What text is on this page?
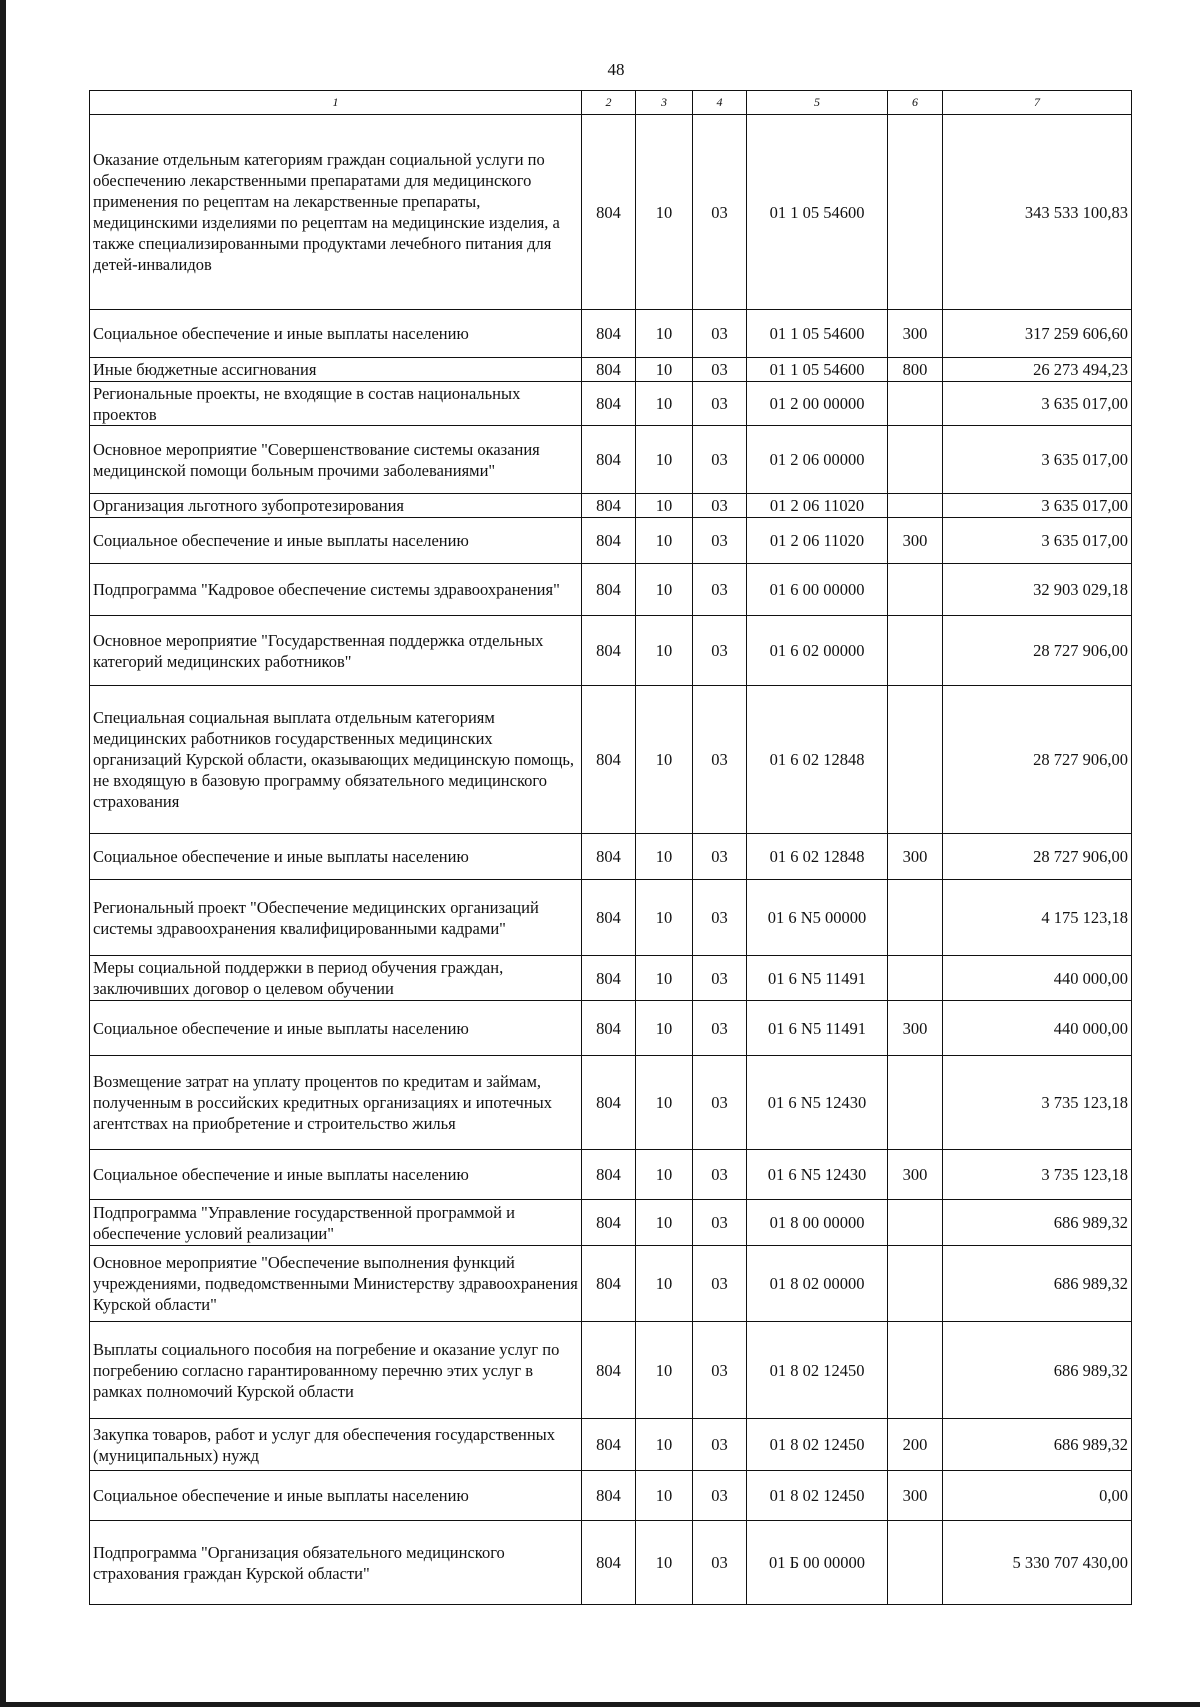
48
1	2	3	4	5	6	7
Оказание отдельным категориям граждан социальной услуги по обеспечению лекарственными препаратами для медицинского применения по рецептам на лекарственные препараты, медицинскими изделиями по рецептам на медицинские изделия, а также специализированными продуктами лечебного питания для детей-инвалидов	804	10	03	01 1 05 54600		343 533 100,83
Социальное обеспечение и иные выплаты населению	804	10	03	01 1 05 54600	300	317 259 606,60
Иные бюджетные ассигнования	804	10	03	01 1 05 54600	800	26 273 494,23
Региональные проекты, не входящие в состав национальных проектов	804	10	03	01 2 00 00000		3 635 017,00
Основное мероприятие "Совершенствование системы оказания медицинской помощи больным прочими заболеваниями"	804	10	03	01 2 06 00000		3 635 017,00
Организация льготного зубопротезирования	804	10	03	01 2 06 11020		3 635 017,00
Социальное обеспечение и иные выплаты населению	804	10	03	01 2 06 11020	300	3 635 017,00
Подпрограмма "Кадровое обеспечение системы здравоохранения"	804	10	03	01 6 00 00000		32 903 029,18
Основное мероприятие "Государственная поддержка отдельных категорий медицинских работников"	804	10	03	01 6 02 00000		28 727 906,00
Специальная социальная выплата отдельным категориям медицинских работников государственных медицинских организаций Курской области, оказывающих медицинскую помощь, не входящую в базовую программу обязательного медицинского страхования	804	10	03	01 6 02 12848		28 727 906,00
Социальное обеспечение и иные выплаты населению	804	10	03	01 6 02 12848	300	28 727 906,00
Региональный проект "Обеспечение медицинских организаций системы здравоохранения квалифицированными кадрами"	804	10	03	01 6 N5 00000		4 175 123,18
Меры социальной поддержки в период обучения граждан, заключивших договор о целевом обучении	804	10	03	01 6 N5 11491		440 000,00
Социальное обеспечение и иные выплаты населению	804	10	03	01 6 N5 11491	300	440 000,00
Возмещение затрат на уплату процентов по кредитам и займам, полученным в российских кредитных организациях и ипотечных агентствах на приобретение и строительство жилья	804	10	03	01 6 N5 12430		3 735 123,18
Социальное обеспечение и иные выплаты населению	804	10	03	01 6 N5 12430	300	3 735 123,18
Подпрограмма "Управление государственной программой и обеспечение условий реализации"	804	10	03	01 8 00 00000		686 989,32
Основное мероприятие "Обеспечение выполнения функций учреждениями, подведомственными Министерству здравоохранения Курской области"	804	10	03	01 8 02 00000		686 989,32
Выплаты социального пособия на погребение и оказание услуг по погребению согласно гарантированному перечню этих услуг в рамках полномочий Курской области	804	10	03	01 8 02 12450		686 989,32
Закупка товаров, работ и услуг для обеспечения государственных (муниципальных) нужд	804	10	03	01 8 02 12450	200	686 989,32
Социальное обеспечение и иные выплаты населению	804	10	03	01 8 02 12450	300	0,00
Подпрограмма "Организация обязательного медицинского страхования граждан Курской области"	804	10	03	01 Б 00 00000		5 330 707 430,00
